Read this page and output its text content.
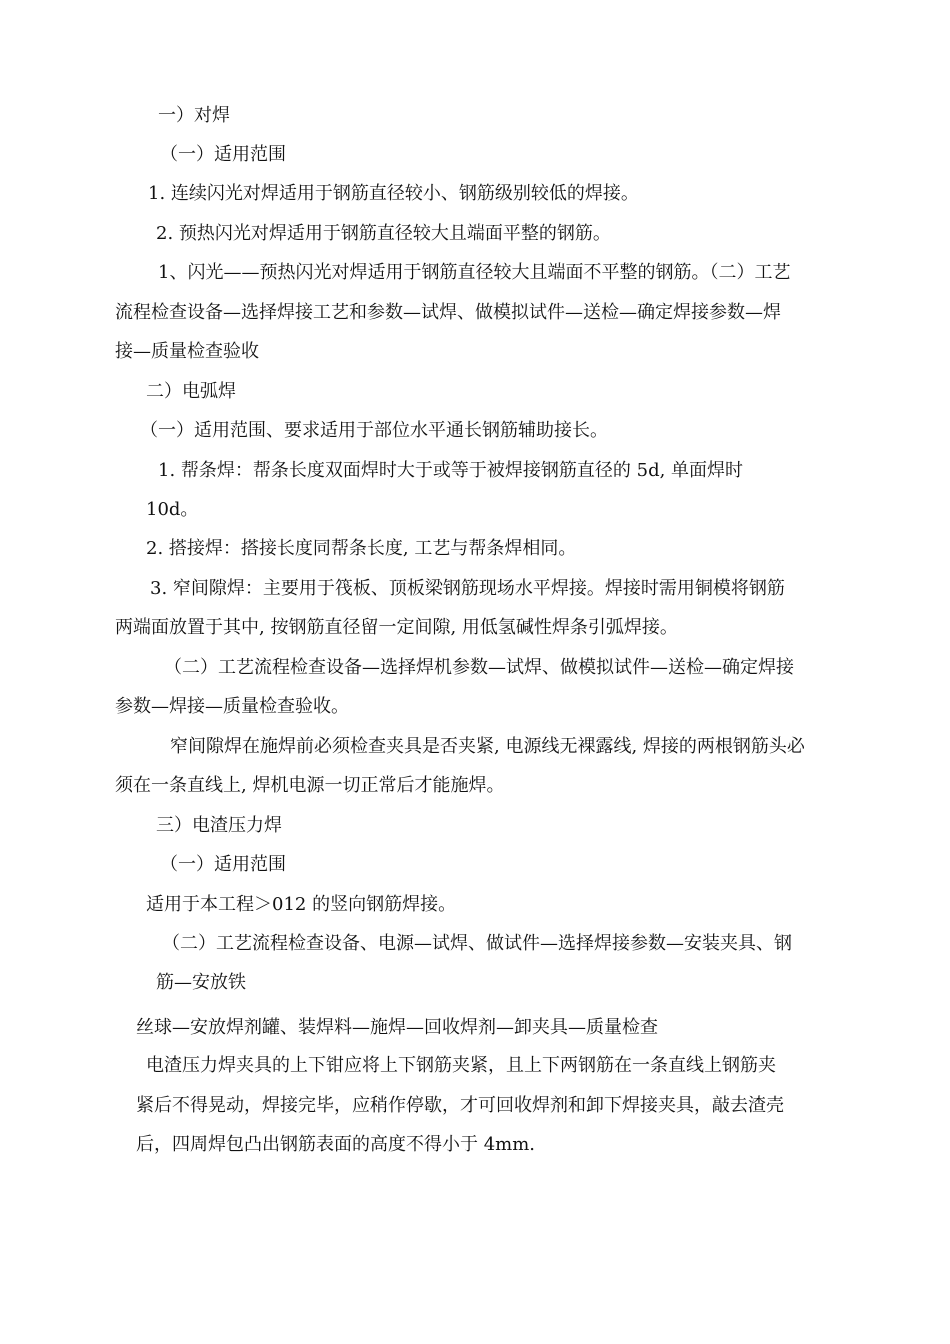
一）对焊
（一）适用范围
1. 连续闪光对焊适用于钢筋直径较小、钢筋级别较低的焊接。
2. 预热闪光对焊适用于钢筋直径较大且端面平整的钢筋。
1、闪光——预热闪光对焊适用于钢筋直径较大且端面不平整的钢筋。（二）工艺
流程检查设备—选择焊接工艺和参数—试焊、做模拟试件—送检—确定焊接参数—焊
接—质量检查验收
二）电弧焊
（一）适用范围、要求适用于部位水平通长钢筋辅助接长。
1. 帮条焊：帮条长度双面焊时大于或等于被焊接钢筋直径的 5d, 单面焊时
10d。
2. 搭接焊：搭接长度同帮条长度, 工艺与帮条焊相同。
3. 窄间隙焊：主要用于筏板、顶板梁钢筋现场水平焊接。焊接时需用铜模将钢筋
两端面放置于其中, 按钢筋直径留一定间隙, 用低氢碱性焊条引弧焊接。
（二）工艺流程检查设备—选择焊机参数—试焊、做模拟试件—送检—确定焊接
参数—焊接—质量检查验收。
窄间隙焊在施焊前必须检查夹具是否夹紧, 电源线无裸露线, 焊接的两根钢筋头必
须在一条直线上, 焊机电源一切正常后才能施焊。
三）电渣压力焊
（一）适用范围
适用于本工程＞012 的竖向钢筋焊接。
（二）工艺流程检查设备、电源—试焊、做试件—选择焊接参数—安装夹具、钢
筋—安放铁
丝球—安放焊剂罐、装焊料—施焊—回收焊剂—卸夹具—质量检查
电渣压力焊夹具的上下钳应将上下钢筋夹紧，且上下两钢筋在一条直线上钢筋夹
紧后不得晃动，焊接完毕，应稍作停歇，才可回收焊剂和卸下焊接夹具，敲去渣壳
后，四周焊包凸出钢筋表面的高度不得小于 4mm.
